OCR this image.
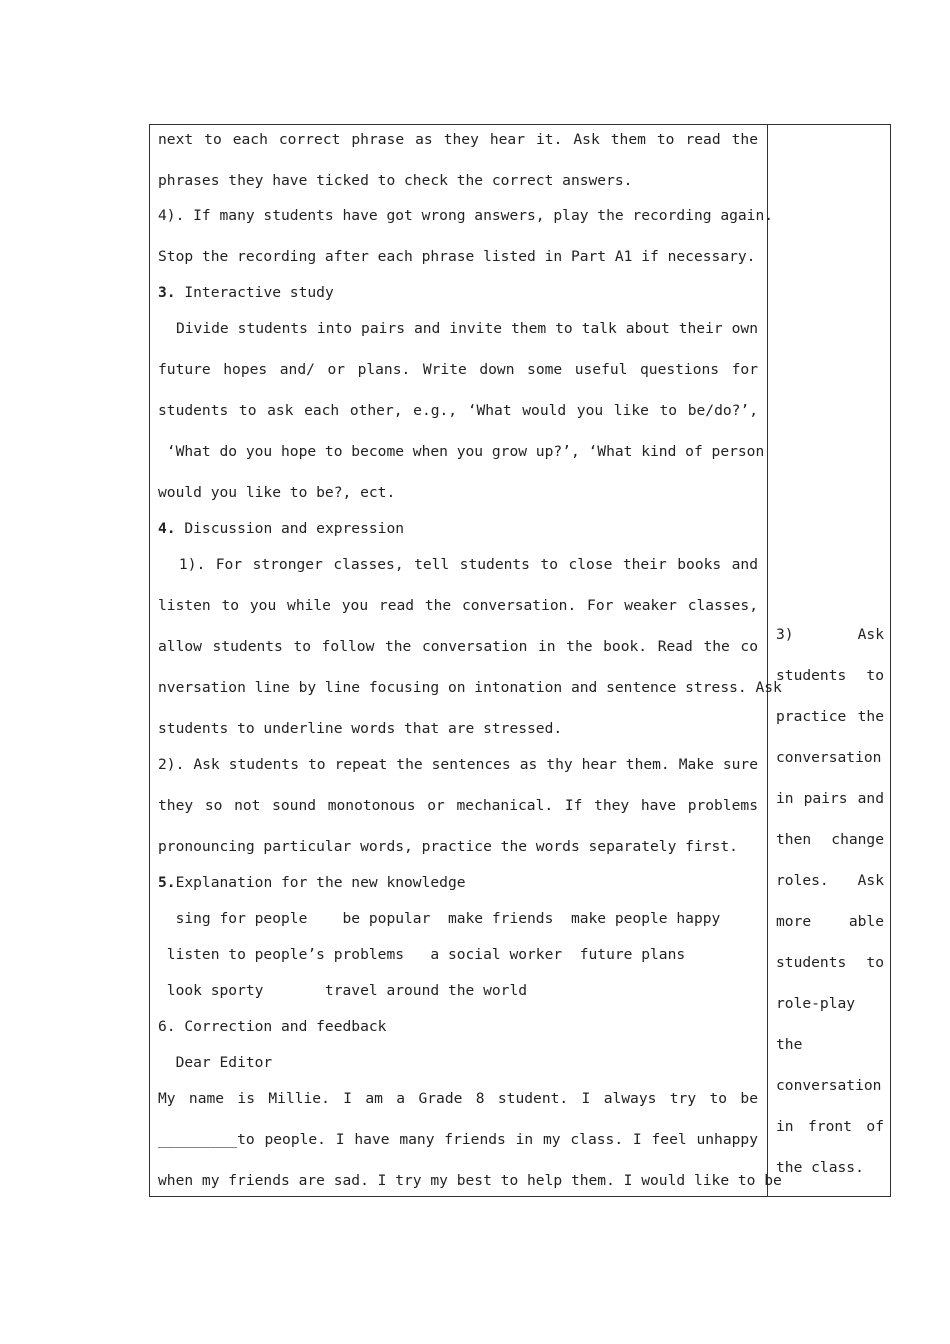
next to each correct phrase as they hear it. Ask them to read the
phrases they have ticked to check the correct answers.
4). If many students have got wrong answers, play the recording again.
Stop the recording after each phrase listed in Part A1 if necessary.
3. Interactive study
Divide students into pairs and invite them to talk about their own
future hopes and/ or plans. Write down some useful questions for
students to ask each other, e.g., ‘What would you like to be/do?’,
‘What do you hope to become when you grow up?’, ‘What kind of person
would you like to be?, ect.
4. Discussion and expression
1). For stronger classes, tell students to close their books and
listen to you while you read the conversation. For weaker classes,
allow students to follow the conversation in the book. Read the co
nversation line by line focusing on intonation and sentence stress. Ask
students to underline words that are stressed.
2). Ask students to repeat the sentences as thy hear them. Make sure
they so not sound monotonous or mechanical. If they have problems
pronouncing particular words, practice the words separately first.
5.Explanation for the new knowledge
sing for people    be popular  make friends  make people happy
listen to people’s problems   a social worker  future plans
look sporty       travel around the world
6. Correction and feedback
Dear Editor
My name is Millie. I am a Grade 8 student. I always try to be
_________to people. I have many friends in my class. I feel unhappy
when my friends are sad. I try my best to help them. I would like to be
3)       Ask
students  to
practice the
conversation
in pairs and
then  change
roles.   Ask
more    able
students  to
role-play
the
conversation
in front of
the class.
